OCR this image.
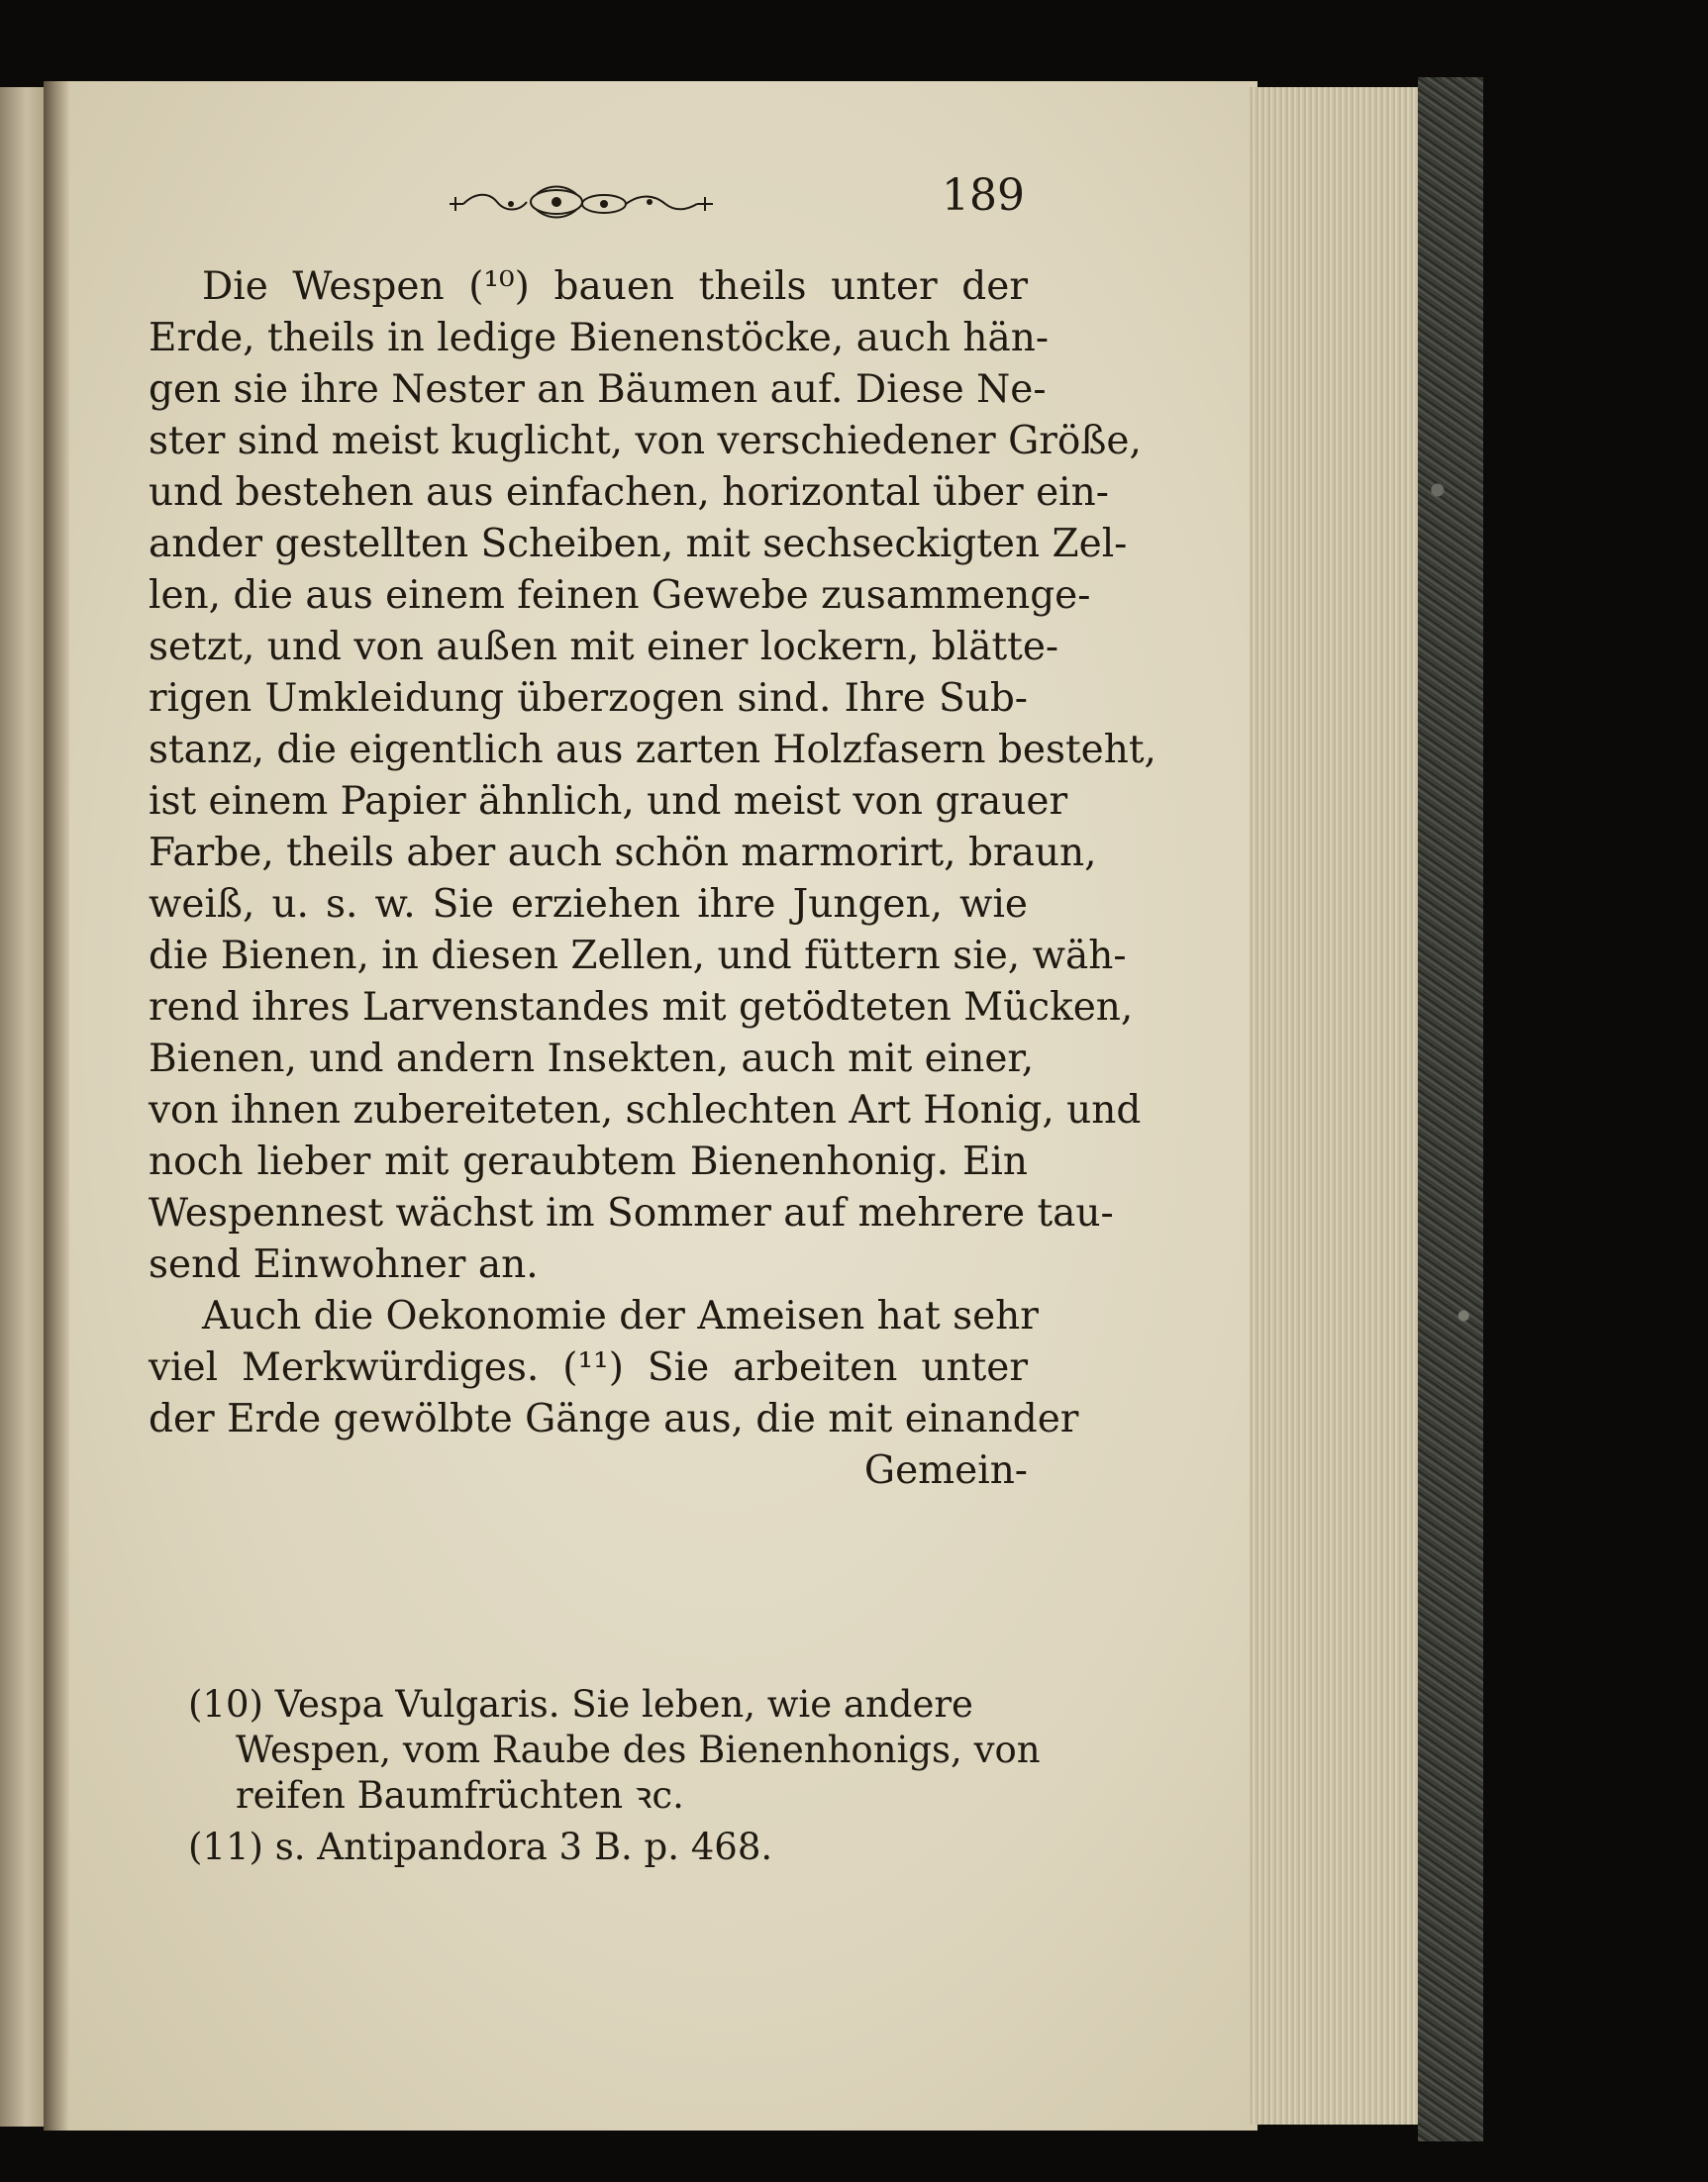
189
Die Wespen (¹⁰) bauen theils unter der
Erde, theils in ledige Bienenstöcke, auch hän-
gen sie ihre Nester an Bäumen auf. Diese Ne-
ster sind meist kuglicht, von verschiedener Größe,
und bestehen aus einfachen, horizontal über ein-
ander gestellten Scheiben, mit sechseckigten Zel-
len, die aus einem feinen Gewebe zusammenge-
setzt, und von außen mit einer lockern, blätte-
rigen Umkleidung überzogen sind. Ihre Sub-
stanz, die eigentlich aus zarten Holzfasern besteht,
ist einem Papier ähnlich, und meist von grauer
Farbe, theils aber auch schön marmorirt, braun,
weiß, u. s. w. Sie erziehen ihre Jungen, wie
die Bienen, in diesen Zellen, und füttern sie, wäh-
rend ihres Larvenstandes mit getödteten Mücken,
Bienen, und andern Insekten, auch mit einer,
von ihnen zubereiteten, schlechten Art Honig, und
noch lieber mit geraubtem Bienenhonig. Ein
Wespennest wächst im Sommer auf mehrere tau-
send Einwohner an.
Auch die Oekonomie der Ameisen hat sehr
viel Merkwürdiges. (¹¹) Sie arbeiten unter
der Erde gewölbte Gänge aus, die mit einander
Gemein-
(10) Vespa Vulgaris. Sie leben, wie andere
Wespen, vom Raube des Bienenhonigs, von
reifen Baumfrüchten ꝛc.
(11) s. Antipandora 3 B. p. 468.
